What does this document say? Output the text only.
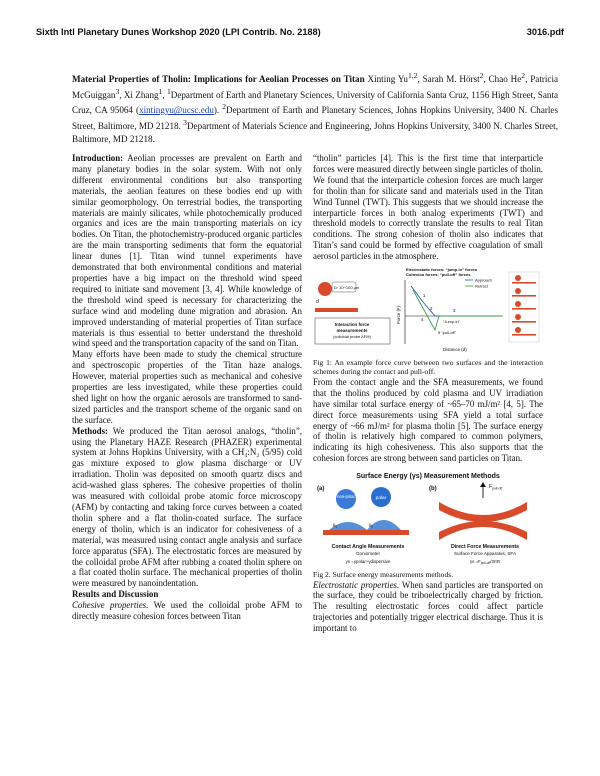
Sixth Intl Planetary Dunes Workshop 2020 (LPI Contrib. No. 2188)	3016.pdf
Material Properties of Tholin: Implications for Aeolian Processes on Titan Xinting Yu$^{1,2}$, Sarah M. Hörst$^2$, Chao He$^2$, Patricia McGuiggan$^3$, Xi Zhang$^1$, $^1$Department of Earth and Planetary Sciences, University of California Santa Cruz, 1156 High Street, Santa Cruz, CA 95064 (xintingyu@ucsc.edu). $^2$Department of Earth and Planetary Sciences, Johns Hopkins University, 3400 N. Charles Street, Baltimore, MD 21218. $^3$Department of Materials Science and Engineering, Johns Hopkins University, 3400 N. Charles Street, Baltimore, MD 21218.

Introduction: Aeolian processes are prevalent on Earth and many planetary bodies in the solar system. With not only different environmental conditions but also transporting materials, the aeolian features on these bodies end up with similar geomorphology. On terrestrial bodies, the transporting materials are mainly silicates, while photochemically produced organics and ices are the main transporting materials on icy bodies. On Titan, the photochemistry-produced organic particles are the main transporting sediments that form the equatorial linear dunes [1]. Titan wind tunnel experiments have demonstrated that both environmental conditions and material properties have a big impact on the threshold wind speed required to initiate sand movement [3, 4]. While knowledge of the threshold wind speed is necessary for characterizing the surface wind and modeling dune migration and abrasion. An improved understanding of material properties of Titan surface materials is thus essential to better understand the threshold wind speed and the transportation capacity of the sand on Titan.

Many efforts have been made to study the chemical structure and spectroscopic properties of the Titan haze analogs. However, material properties such as mechanical and cohesive properties are less investigated, while these properties could shed light on how the organic aerosols are transformed to sand-sized particles and the transport scheme of the organic sand on the surface.

Methods: We produced the Titan aerosol analogs, “tholin”, using the Planetary HAZE Research (PHAZER) experimental system at Johns Hopkins University, with a CH₄:N₂ (5/95) cold gas mixture exposed to glow plasma discharge or UV irradiation. Tholin was deposited on smooth quartz discs and acid-washed glass spheres. The cohesive properties of tholin was measured with colloidal probe atomic force microscopy (AFM) by contacting and taking force curves between a coated tholin sphere and a flat tholin-coated surface. The surface energy of tholin, which is an indicator for cohesiveness of a material, was measured using contact angle analysis and surface force apparatus (SFA). The electrostatic forces are measured by the colloidal probe AFM after rubbing a coated tholin sphere on a flat coated tholin surface. The mechanical properties of tholin were measured by nanoindentation.

Results and Discussion

Cohesive properties. We used the colloidal probe AFM to directly measure cohesion forces between Titan

“tholin” particles [4]. This is the first time that interparticle forces were measured directly between single particles of tholin. We found that the interparticle cohesion forces are much larger for tholin than for silicate sand and materials used in the Titan Wind Tunnel (TWT). This suggests that we should increase the interparticle forces in both analog experiments (TWT) and threshold models to correctly translate the results to real Titan conditions. The strong cohesion of tholin also indicates that Titan’s sand could be formed by effective coagulation of small aerosol particles in the atmosphere.

D: 10~100 μm
d
Interaction force
measurements
(colloidal probe AFM)
Electrostatic forces: “jump-in” forces
Cohesion forces: “pull-off” forces
Approach
Retract
Force (F)
Distance (d)
1
2	3
4	“Jump-in”
5 “pull-off”

Fig 1: An example force curve between two surfaces and the interaction schemes during the contact and pull-off.

From the contact angle and the SFA measurements, we found that the tholins produced by cold plasma and UV irradiation have similar total surface energy of ~65–70 mJ/m² [4, 5]. The direct force measurements using SFA yield a total surface energy of ~66 mJ/m² for plasma tholin [5]. The surface energy of tholin is relatively high compared to common polymers, indicating its high cohesiveness. This also supports that the cohesion forces are strong between sand particles on Titan.

Surface Energy (γs) Measurement Methods
(a)	(b)
non-polar	polar
θ₁	θ₂
Contact Angle Measurements
Goniometer
γs =γpolar+γdispersive
$F_{pull-off}$
Direct Force Measurements
Surface Force Apparatus, SFA
$\gamma s =F_{pull-off}/3\pi R$

Fig 2. Surface energy measurements methods.

Electrostatic properties. When sand particles are transported on the surface, they could be triboelectrically charged by friction. The resulting electrostatic forces could affect particle trajectories and potentially trigger electrical discharge. Thus it is important to
